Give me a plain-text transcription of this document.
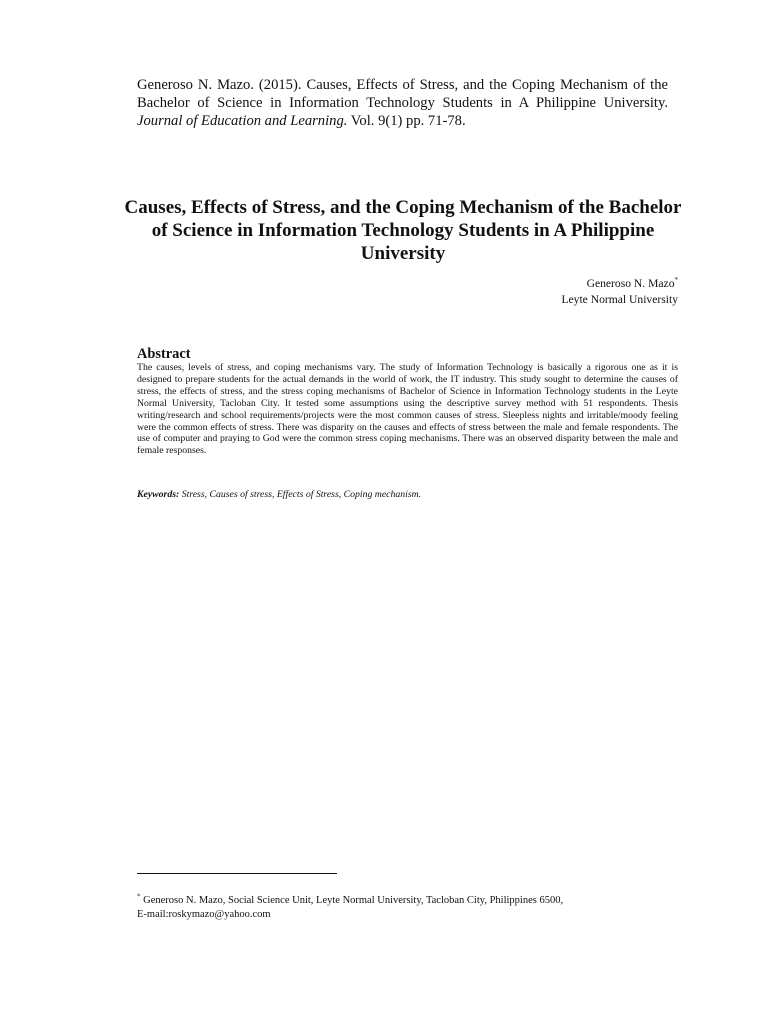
Generoso N. Mazo. (2015). Causes, Effects of Stress, and the Coping Mechanism of the Bachelor of Science in Information Technology Students in A Philippine University. Journal of Education and Learning. Vol. 9(1) pp. 71-78.
Causes, Effects of Stress, and the Coping Mechanism of the Bachelor of Science in Information Technology Students in A Philippine University
Generoso N. Mazo*
Leyte Normal University
Abstract
The causes, levels of stress, and coping mechanisms vary. The study of Information Technology is basically a rigorous one as it is designed to prepare students for the actual demands in the world of work, the IT industry. This study sought to determine the causes of stress, the effects of stress, and the stress coping mechanisms of Bachelor of Science in Information Technology students in the Leyte Normal University, Tacloban City. It tested some assumptions using the descriptive survey method with 51 respondents. Thesis writing/research and school requirements/projects were the most common causes of stress. Sleepless nights and irritable/moody feeling were the common effects of stress. There was disparity on the causes and effects of stress between the male and female respondents. The use of computer and praying to God were the common stress coping mechanisms. There was an observed disparity between the male and female responses.
Keywords: Stress, Causes of stress, Effects of Stress, Coping mechanism.
* Generoso N. Mazo, Social Science Unit, Leyte Normal University, Tacloban City, Philippines 6500,
E-mail:roskymazo@yahoo.com
